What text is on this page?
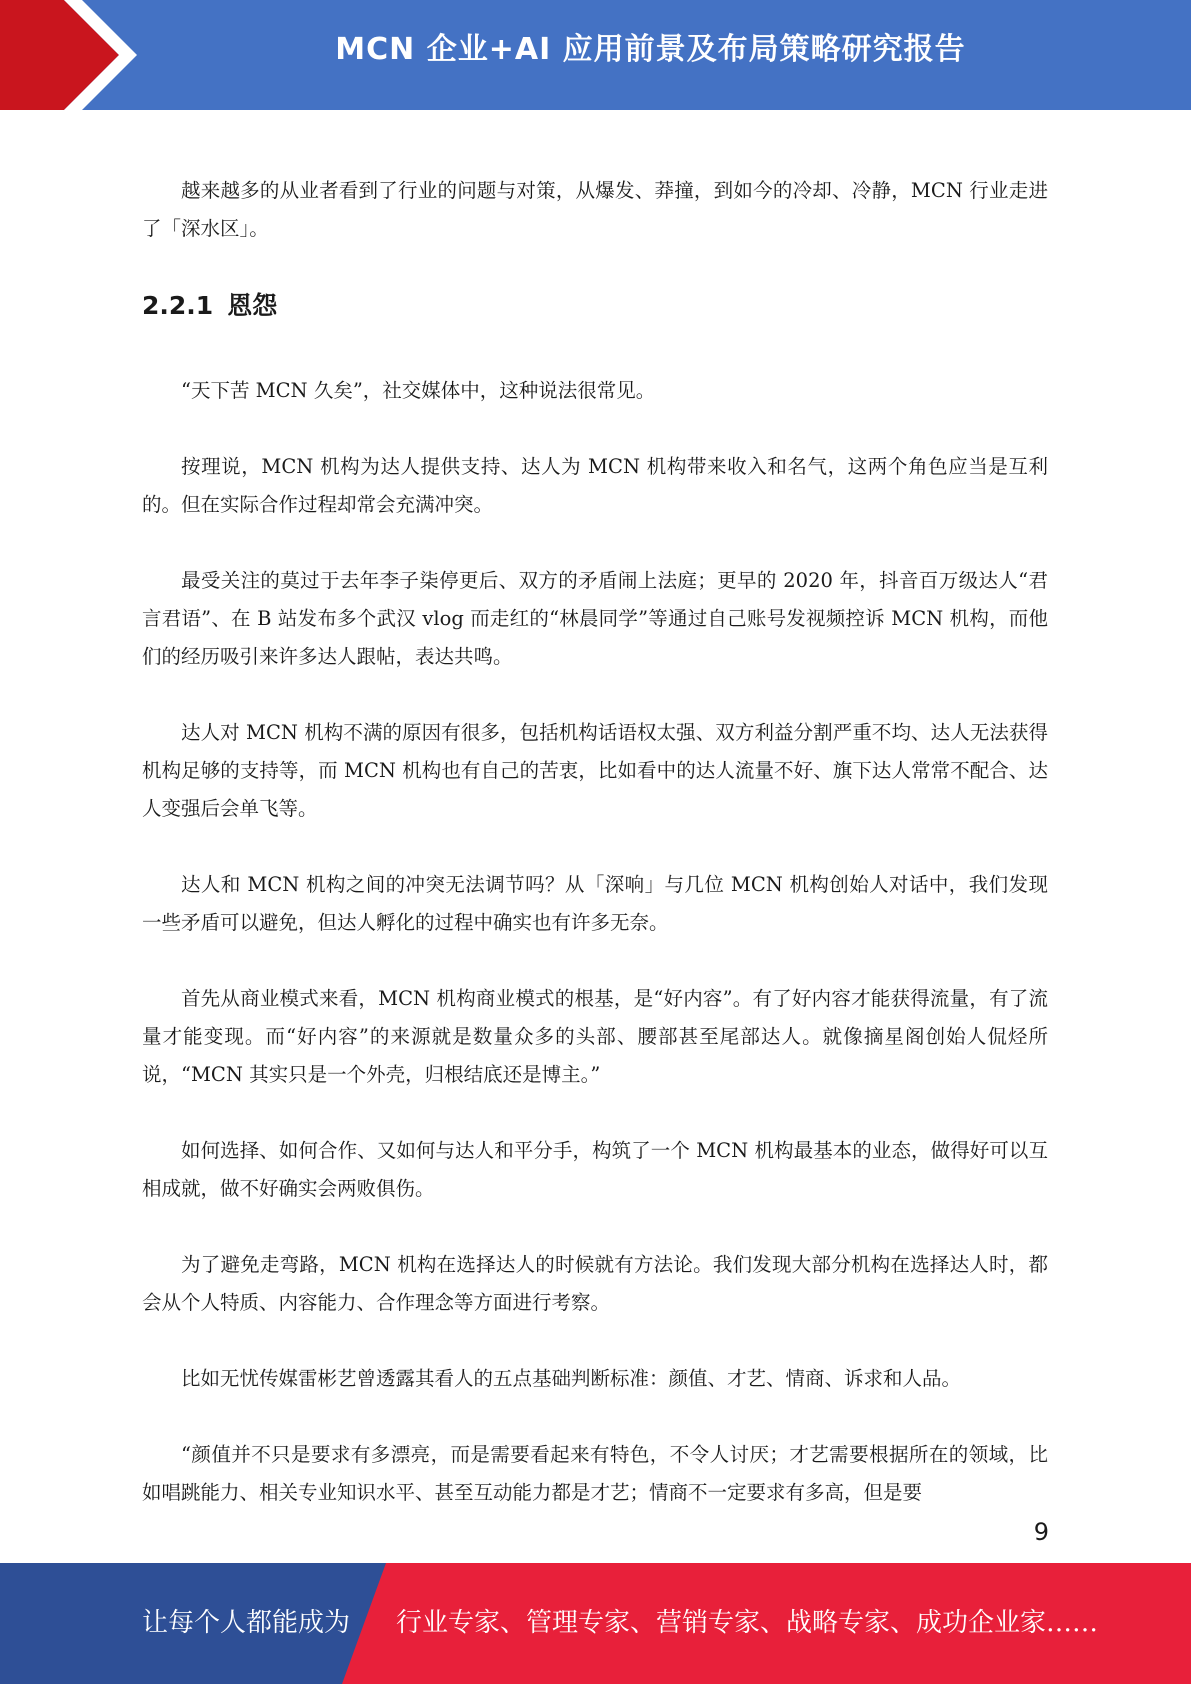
MCN 企业+AI 应用前景及布局策略研究报告

越来越多的从业者看到了行业的问题与对策，从爆发、莽撞，到如今的冷却、冷静，MCN 行业走进了「深水区」。

2.2.1 恩怨

“天下苦 MCN 久矣”，社交媒体中，这种说法很常见。

按理说，MCN 机构为达人提供支持、达人为 MCN 机构带来收入和名气，这两个角色应当是互利的。但在实际合作过程却常会充满冲突。

最受关注的莫过于去年李子柒停更后、双方的矛盾闹上法庭；更早的 2020 年，抖音百万级达人“君言君语”、在 B 站发布多个武汉 vlog 而走红的“林晨同学”等通过自己账号发视频控诉 MCN 机构，而他们的经历吸引来许多达人跟帖，表达共鸣。

达人对 MCN 机构不满的原因有很多，包括机构话语权太强、双方利益分割严重不均、达人无法获得机构足够的支持等，而 MCN 机构也有自己的苦衷，比如看中的达人流量不好、旗下达人常常不配合、达人变强后会单飞等。

达人和 MCN 机构之间的冲突无法调节吗？从「深响」与几位 MCN 机构创始人对话中，我们发现一些矛盾可以避免，但达人孵化的过程中确实也有许多无奈。

首先从商业模式来看，MCN 机构商业模式的根基，是“好内容”。有了好内容才能获得流量，有了流量才能变现。而“好内容”的来源就是数量众多的头部、腰部甚至尾部达人。就像摘星阁创始人侃烃所说，“MCN 其实只是一个外壳，归根结底还是博主。”

如何选择、如何合作、又如何与达人和平分手，构筑了一个 MCN 机构最基本的业态，做得好可以互相成就，做不好确实会两败俱伤。

为了避免走弯路，MCN 机构在选择达人的时候就有方法论。我们发现大部分机构在选择达人时，都会从个人特质、内容能力、合作理念等方面进行考察。

比如无忧传媒雷彬艺曾透露其看人的五点基础判断标准：颜值、才艺、情商、诉求和人品。

“颜值并不只是要求有多漂亮，而是需要看起来有特色，不令人讨厌；才艺需要根据所在的领域，比如唱跳能力、相关专业知识水平、甚至互动能力都是才艺；情商不一定要求有多高，但是要

9
让每个人都能成为 行业专家、管理专家、营销专家、战略专家、成功企业家……
